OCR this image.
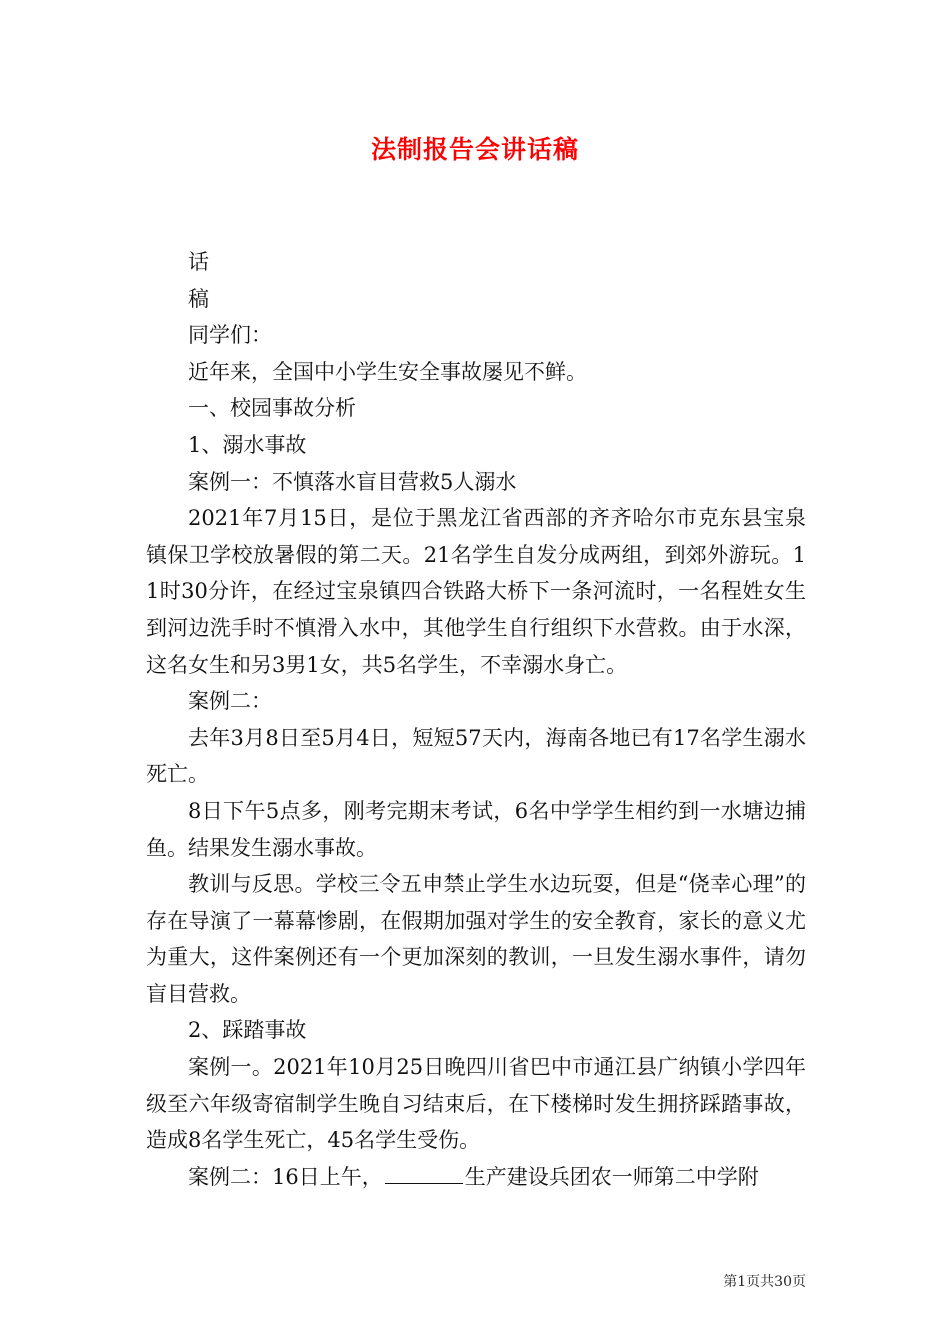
法制报告会讲话稿

话

稿

同学们：

近年来，全国中小学生安全事故屡见不鲜。

一、校园事故分析

1、溺水事故

案例一：不慎落水盲目营救5人溺水

2021年7月15日，是位于黑龙江省西部的齐齐哈尔市克东县宝泉镇保卫学校放暑假的第二天。21名学生自发分成两组，到郊外游玩。11时30分许，在经过宝泉镇四合铁路大桥下一条河流时，一名程姓女生到河边洗手时不慎滑入水中，其他学生自行组织下水营救。由于水深，这名女生和另3男1女，共5名学生，不幸溺水身亡。

案例二：

去年3月8日至5月4日，短短57天内，海南各地已有17名学生溺水死亡。

8日下午5点多，刚考完期末考试，6名中学学生相约到一水塘边捕鱼。结果发生溺水事故。

教训与反思。学校三令五申禁止学生水边玩耍，但是“侥幸心理”的存在导演了一幕幕惨剧，在假期加强对学生的安全教育，家长的意义尤为重大，这件案例还有一个更加深刻的教训，一旦发生溺水事件，请勿盲目营救。

2、踩踏事故

案例一。2021年10月25日晚四川省巴中市通江县广纳镇小学四年级至六年级寄宿制学生晚自习结束后，在下楼梯时发生拥挤踩踏事故，造成8名学生死亡，45名学生受伤。

案例二：16日上午，	生产建设兵团农一师第二中学附

第1页共30页
